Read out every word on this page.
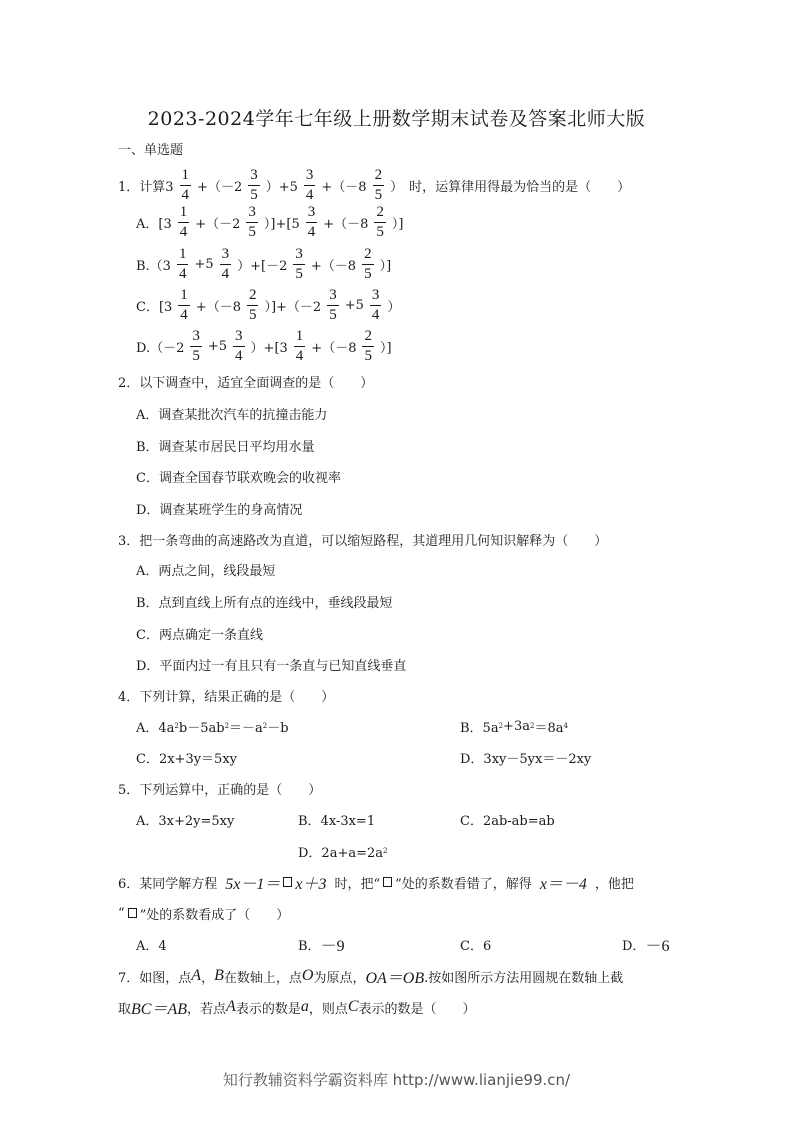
2023-2024学年七年级上册数学期末试卷及答案北师大版
一、单选题
1．计算$3 \frac{1}{4} +(-2 \frac{3}{5} )+5 \frac{3}{4} +(-8 \frac{2}{5}$ ） 时，运算律用得最为恰当的是（　　）
A．$[3 \frac{1}{4} +(-2 \frac{3}{5} )]+[5 \frac{3}{4} +(-8 \frac{2}{5}$ ）]
$B.(3 \frac{1}{4} +5 \frac{3}{4} )+[-2 \frac{3}{5} +(-8 \frac{2}{5}$ ）]
C．$[3 \frac{1}{4} +(-8 \frac{2}{5} )]+(-2 \frac{3}{5} +5 \frac{3}{4}$ ）
$D.(-2 \frac{3}{5} +5 \frac{3}{4} )+[3 \frac{1}{4} +(-8 \frac{2}{5}$ ）]
2．以下调查中，适宜全面调查的是（　　）
A．调查某批次汽车的抗撞击能力
B．调查某市居民日平均用水量
C．调查全国春节联欢晚会的收视率
D．调查某班学生的身高情况
3．把一条弯曲的高速路改为直道，可以缩短路程，其道理用几何知识解释为（　　）
A．两点之间，线段最短
B．点到直线上所有点的连线中，垂线段最短
C．两点确定一条直线
D．平面内过一有且只有一条直与已知直线垂直
4．下列计算，结果正确的是（　　）
A．4a 2 b－5ab 2 ＝－a 2 －b	B．5a 2 +3a 2 ＝8a 4
C．2x+3y＝5xy	D．3xy－5yx＝－2xy
5．下列运算中，正确的是（　　）
A．3x+2y=5xy	B．4x-3x=1	C．2ab-ab=ab
D．2a+a=2a 2
6．某同学解方程 5x－1＝ x＋3 时，把“ ”处的系数看错了，解得 x＝－4 ，他把
“ ”处的系数看成了（　　）
A．4	B． －9	C．6	D． －6
7．如图，点 A ， B 在数轴上，点 O 为原点， OA＝OB .按如图所示方法用圆规在数轴上截
取 BC＝AB ，若点 A 表示的数是 a ，则点 C 表示的数是（　　）
知行教辅资料学霸资料库 http://www.lianjie99.cn/
